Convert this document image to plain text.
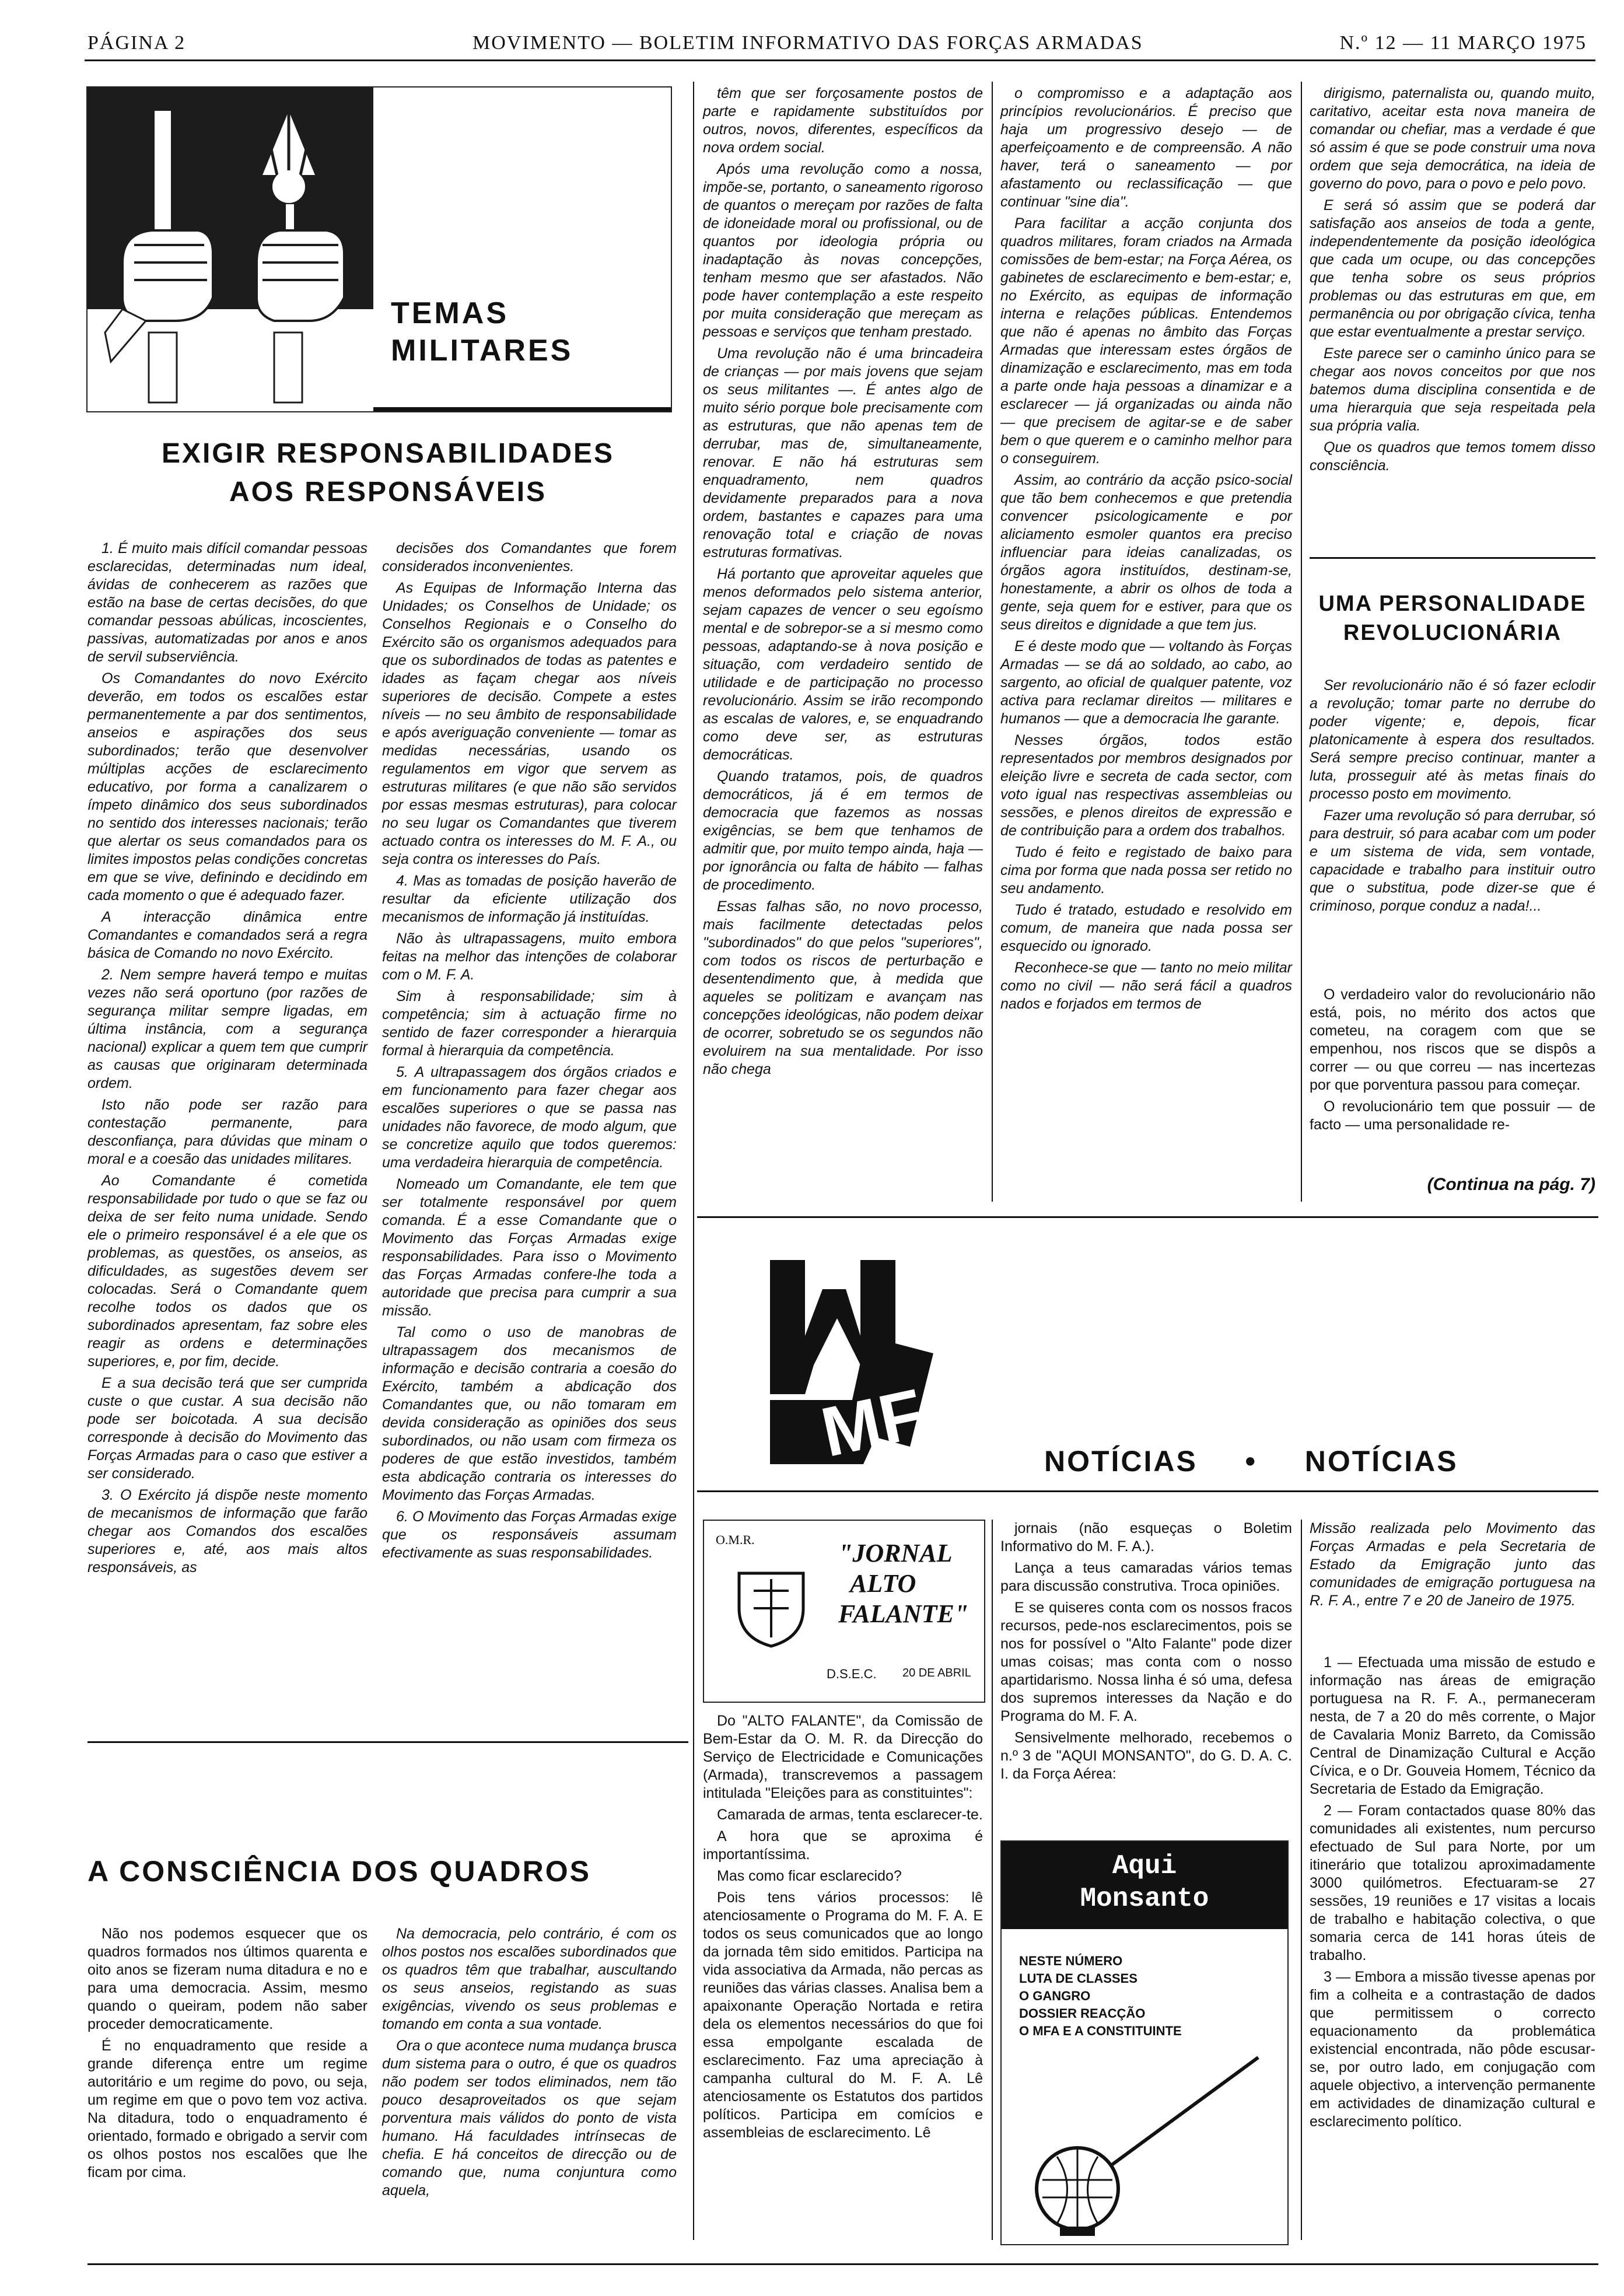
PÁGINA 2	MOVIMENTO — BOLETIM INFORMATIVO DAS FORÇAS ARMADAS	N.º 12 — 11 MARÇO 1975
TEMAS
MILITARES
EXIGIR RESPONSABILIDADES
AOS RESPONSÁVEIS

1. É muito mais difícil comandar pessoas esclarecidas, determinadas num ideal, ávidas de conhecerem as razões que estão na base de certas decisões, do que comandar pessoas abúlicas, incoscientes, passivas, automatizadas por anos e anos de servil subserviência.

Os Comandantes do novo Exército deverão, em todos os escalões estar permanentemente a par dos sentimentos, anseios e aspirações dos seus subordinados; terão que desenvolver múltiplas acções de esclarecimento educativo, por forma a canalizarem o ímpeto dinâmico dos seus subordinados no sentido dos interesses nacionais; terão que alertar os seus comandados para os limites impostos pelas condições concretas em que se vive, definindo e decidindo em cada momento o que é adequado fazer.

A interacção dinâmica entre Comandantes e comandados será a regra básica de Comando no novo Exército.

2. Nem sempre haverá tempo e muitas vezes não será oportuno (por razões de segurança militar sempre ligadas, em última instância, com a segurança nacional) explicar a quem tem que cumprir as causas que originaram determinada ordem.

Isto não pode ser razão para contestação permanente, para desconfiança, para dúvidas que minam o moral e a coesão das unidades militares.

Ao Comandante é cometida responsabilidade por tudo o que se faz ou deixa de ser feito numa unidade. Sendo ele o primeiro responsável é a ele que os problemas, as questões, os anseios, as dificuldades, as sugestões devem ser colocadas. Será o Comandante quem recolhe todos os dados que os subordinados apresentam, faz sobre eles reagir as ordens e determinações superiores, e, por fim, decide.

E a sua decisão terá que ser cumprida custe o que custar. A sua decisão não pode ser boicotada. A sua decisão corresponde à decisão do Movimento das Forças Armadas para o caso que estiver a ser considerado.

3. O Exército já dispõe neste momento de mecanismos de informação que farão chegar aos Comandos dos escalões superiores e, até, aos mais altos responsáveis, as

decisões dos Comandantes que forem considerados inconvenientes.

As Equipas de Informação Interna das Unidades; os Conselhos de Unidade; os Conselhos Regionais e o Conselho do Exército são os organismos adequados para que os subordinados de todas as patentes e idades as façam chegar aos níveis superiores de decisão. Compete a estes níveis — no seu âmbito de responsabilidade e após averiguação conveniente — tomar as medidas necessárias, usando os regulamentos em vigor que servem as estruturas militares (e que não são servidos por essas mesmas estruturas), para colocar no seu lugar os Comandantes que tiverem actuado contra os interesses do M. F. A., ou seja contra os interesses do País.

4. Mas as tomadas de posição haverão de resultar da eficiente utilização dos mecanismos de informação já instituídas.

Não às ultrapassagens, muito embora feitas na melhor das intenções de colaborar com o M. F. A.

Sim à responsabilidade; sim à competência; sim à actuação firme no sentido de fazer corresponder a hierarquia formal à hierarquia da competência.

5. A ultrapassagem dos órgãos criados e em funcionamento para fazer chegar aos escalões superiores o que se passa nas unidades não favorece, de modo algum, que se concretize aquilo que todos queremos: uma verdadeira hierarquia de competência.

Nomeado um Comandante, ele tem que ser totalmente responsável por quem comanda. É a esse Comandante que o Movimento das Forças Armadas exige responsabilidades. Para isso o Movimento das Forças Armadas confere-lhe toda a autoridade que precisa para cumprir a sua missão.

Tal como o uso de manobras de ultrapassagem dos mecanismos de informação e decisão contraria a coesão do Exército, também a abdicação dos Comandantes que, ou não tomaram em devida consideração as opiniões dos seus subordinados, ou não usam com firmeza os poderes de que estão investidos, também esta abdicação contraria os interesses do Movimento das Forças Armadas.

6. O Movimento das Forças Armadas exige que os responsáveis assumam efectivamente as suas responsabilidades.

têm que ser forçosamente postos de parte e rapidamente substituídos por outros, novos, diferentes, específicos da nova ordem social.

Após uma revolução como a nossa, impõe-se, portanto, o saneamento rigoroso de quantos o mereçam por razões de falta de idoneidade moral ou profissional, ou de quantos por ideologia própria ou inadaptação às novas concepções, tenham mesmo que ser afastados. Não pode haver contemplação a este respeito por muita consideração que mereçam as pessoas e serviços que tenham prestado.

Uma revolução não é uma brincadeira de crianças — por mais jovens que sejam os seus militantes —. É antes algo de muito sério porque bole precisamente com as estruturas, que não apenas tem de derrubar, mas de, simultaneamente, renovar. E não há estruturas sem enquadramento, nem quadros devidamente preparados para a nova ordem, bastantes e capazes para uma renovação total e criação de novas estruturas formativas.

Há portanto que aproveitar aqueles que menos deformados pelo sistema anterior, sejam capazes de vencer o seu egoísmo mental e de sobrepor-se a si mesmo como pessoas, adaptando-se à nova posição e situação, com verdadeiro sentido de utilidade e de participação no processo revolucionário. Assim se irão recompondo as escalas de valores, e, se enquadrando como deve ser, as estruturas democráticas.

Quando tratamos, pois, de quadros democráticos, já é em termos de democracia que fazemos as nossas exigências, se bem que tenhamos de admitir que, por muito tempo ainda, haja — por ignorância ou falta de hábito — falhas de procedimento.

Essas falhas são, no novo processo, mais facilmente detectadas pelos "subordinados" do que pelos "superiores", com todos os riscos de perturbação e desentendimento que, à medida que aqueles se politizam e avançam nas concepções ideológicas, não podem deixar de ocorrer, sobretudo se os segundos não evoluirem na sua mentalidade. Por isso não chega

o compromisso e a adaptação aos princípios revolucionários. É preciso que haja um progressivo desejo — de aperfeiçoamento e de compreensão. A não haver, terá o saneamento — por afastamento ou reclassificação — que continuar "sine dia".

Para facilitar a acção conjunta dos quadros militares, foram criados na Armada comissões de bem-estar; na Força Aérea, os gabinetes de esclarecimento e bem-estar; e, no Exército, as equipas de informação interna e relações públicas. Entendemos que não é apenas no âmbito das Forças Armadas que interessam estes órgãos de dinamização e esclarecimento, mas em toda a parte onde haja pessoas a dinamizar e a esclarecer — já organizadas ou ainda não — que precisem de agitar-se e de saber bem o que querem e o caminho melhor para o conseguirem.

Assim, ao contrário da acção psico-social que tão bem conhecemos e que pretendia convencer psicologicamente e por aliciamento esmoler quantos era preciso influenciar para ideias canalizadas, os órgãos agora instituídos, destinam-se, honestamente, a abrir os olhos de toda a gente, seja quem for e estiver, para que os seus direitos e dignidade a que tem jus.

E é deste modo que — voltando às Forças Armadas — se dá ao soldado, ao cabo, ao sargento, ao oficial de qualquer patente, voz activa para reclamar direitos — militares e humanos — que a democracia lhe garante.

Nesses órgãos, todos estão representados por membros designados por eleição livre e secreta de cada sector, com voto igual nas respectivas assembleias ou sessões, e plenos direitos de expressão e de contribuição para a ordem dos trabalhos.

Tudo é feito e registado de baixo para cima por forma que nada possa ser retido no seu andamento.

Tudo é tratado, estudado e resolvido em comum, de maneira que nada possa ser esquecido ou ignorado.

Reconhece-se que — tanto no meio militar como no civil — não será fácil a quadros nados e forjados em termos de

dirigismo, paternalista ou, quando muito, caritativo, aceitar esta nova maneira de comandar ou chefiar, mas a verdade é que só assim é que se pode construir uma nova ordem que seja democrática, na ideia de governo do povo, para o povo e pelo povo.

E será só assim que se poderá dar satisfação aos anseios de toda a gente, independentemente da posição ideológica que cada um ocupe, ou das concepções que tenha sobre os seus próprios problemas ou das estruturas em que, em permanência ou por obrigação cívica, tenha que estar eventualmente a prestar serviço.

Este parece ser o caminho único para se chegar aos novos conceitos por que nos batemos duma disciplina consentida e de uma hierarquia que seja respeitada pela sua própria valia.

Que os quadros que temos tomem disso consciência.

UMA PERSONALIDADE
REVOLUCIONÁRIA

Ser revolucionário não é só fazer eclodir a revolução; tomar parte no derrube do poder vigente; e, depois, ficar platonicamente à espera dos resultados. Será sempre preciso continuar, manter a luta, prosseguir até às metas finais do processo posto em movimento.

Fazer uma revolução só para derrubar, só para destruir, só para acabar com um poder e um sistema de vida, sem vontade, capacidade e trabalho para instituir outro que o substitua, pode dizer-se que é criminoso, porque conduz a nada!...

O verdadeiro valor do revolucionário não está, pois, no mérito dos actos que cometeu, na coragem com que se empenhou, nos riscos que se dispôs a correr — ou que correu — nas incertezas por que porventura passou para começar.

O revolucionário tem que possuir — de facto — uma personalidade re-

(Continua na pág. 7)
A CONSCIÊNCIA DOS QUADROS

Não nos podemos esquecer que os quadros formados nos últimos quarenta e oito anos se fizeram numa ditadura e no e para uma democracia. Assim, mesmo quando o queiram, podem não saber proceder democraticamente.

É no enquadramento que reside a grande diferença entre um regime autoritário e um regime do povo, ou seja, um regime em que o povo tem voz activa. Na ditadura, todo o enquadramento é orientado, formado e obrigado a servir com os olhos postos nos escalões que lhe ficam por cima.

Na democracia, pelo contrário, é com os olhos postos nos escalões subordinados que os quadros têm que trabalhar, auscultando os seus anseios, registando as suas exigências, vivendo os seus problemas e tomando em conta a sua vontade.

Ora o que acontece numa mudança brusca dum sistema para o outro, é que os quadros não podem ser todos eliminados, nem tão pouco desaproveitados os que sejam porventura mais válidos do ponto de vista humano. Há faculdades intrínsecas de chefia. E há conceitos de direcção ou de comando que, numa conjuntura como aquela,

MFA NOTÍCIAS • NOTÍCIAS
O.M.R.	"JORNAL
ALTO
FALANTE"
D.S.E.C. 20 DE ABRIL

Do "ALTO FALANTE", da Comissão de Bem-Estar da O. M. R. da Direcção do Serviço de Electricidade e Comunicações (Armada), transcrevemos a passagem intitulada "Eleições para as constituintes":

Camarada de armas, tenta esclarecer-te.

A hora que se aproxima é importantíssima.

Mas como ficar esclarecido?

Pois tens vários processos: lê atenciosamente o Programa do M. F. A. E todos os seus comunicados que ao longo da jornada têm sido emitidos. Participa na vida associativa da Armada, não percas as reuniões das várias classes. Analisa bem a apaixonante Operação Nortada e retira dela os elementos necessários do que foi essa empolgante escalada de esclarecimento. Faz uma apreciação à campanha cultural do M. F. A. Lê atenciosamente os Estatutos dos partidos políticos. Participa em comícios e assembleias de esclarecimento. Lê

jornais (não esqueças o Boletim Informativo do M. F. A.).

Lança a teus camaradas vários temas para discussão construtiva. Troca opiniões.

E se quiseres conta com os nossos fracos recursos, pede-nos esclarecimentos, pois se nos for possível o "Alto Falante" pode dizer umas coisas; mas conta com o nosso apartidarismo. Nossa linha é só uma, defesa dos supremos interesses da Nação e do Programa do M. F. A.

Sensivelmente melhorado, recebemos o n.º 3 de "AQUI MONSANTO", do G. D. A. C. I. da Força Aérea:

Aqui
Monsanto
NESTE NÚMERO
LUTA DE CLASSES
O GANGRO
DOSSIER REACÇÃO
O MFA E A CONSTITUINTE
Missão realizada pelo Movimento das Forças Armadas e pela Secretaria de Estado da Emigração junto das comunidades de emigração portuguesa na R. F. A., entre 7 e 20 de Janeiro de 1975.

1 — Efectuada uma missão de estudo e informação nas áreas de emigração portuguesa na R. F. A., permaneceram nesta, de 7 a 20 do mês corrente, o Major de Cavalaria Moniz Barreto, da Comissão Central de Dinamização Cultural e Acção Cívica, e o Dr. Gouveia Homem, Técnico da Secretaria de Estado da Emigração.

2 — Foram contactados quase 80% das comunidades ali existentes, num percurso efectuado de Sul para Norte, por um itinerário que totalizou aproximadamente 3000 quilómetros. Efectuaram-se 27 sessões, 19 reuniões e 17 visitas a locais de trabalho e habitação colectiva, o que somaria cerca de 141 horas úteis de trabalho.

3 — Embora a missão tivesse apenas por fim a colheita e a contrastação de dados que permitissem o correcto equacionamento da problemática existencial encontrada, não pôde escusar-se, por outro lado, em conjugação com aquele objectivo, a intervenção permanente em actividades de dinamização cultural e esclarecimento político.
